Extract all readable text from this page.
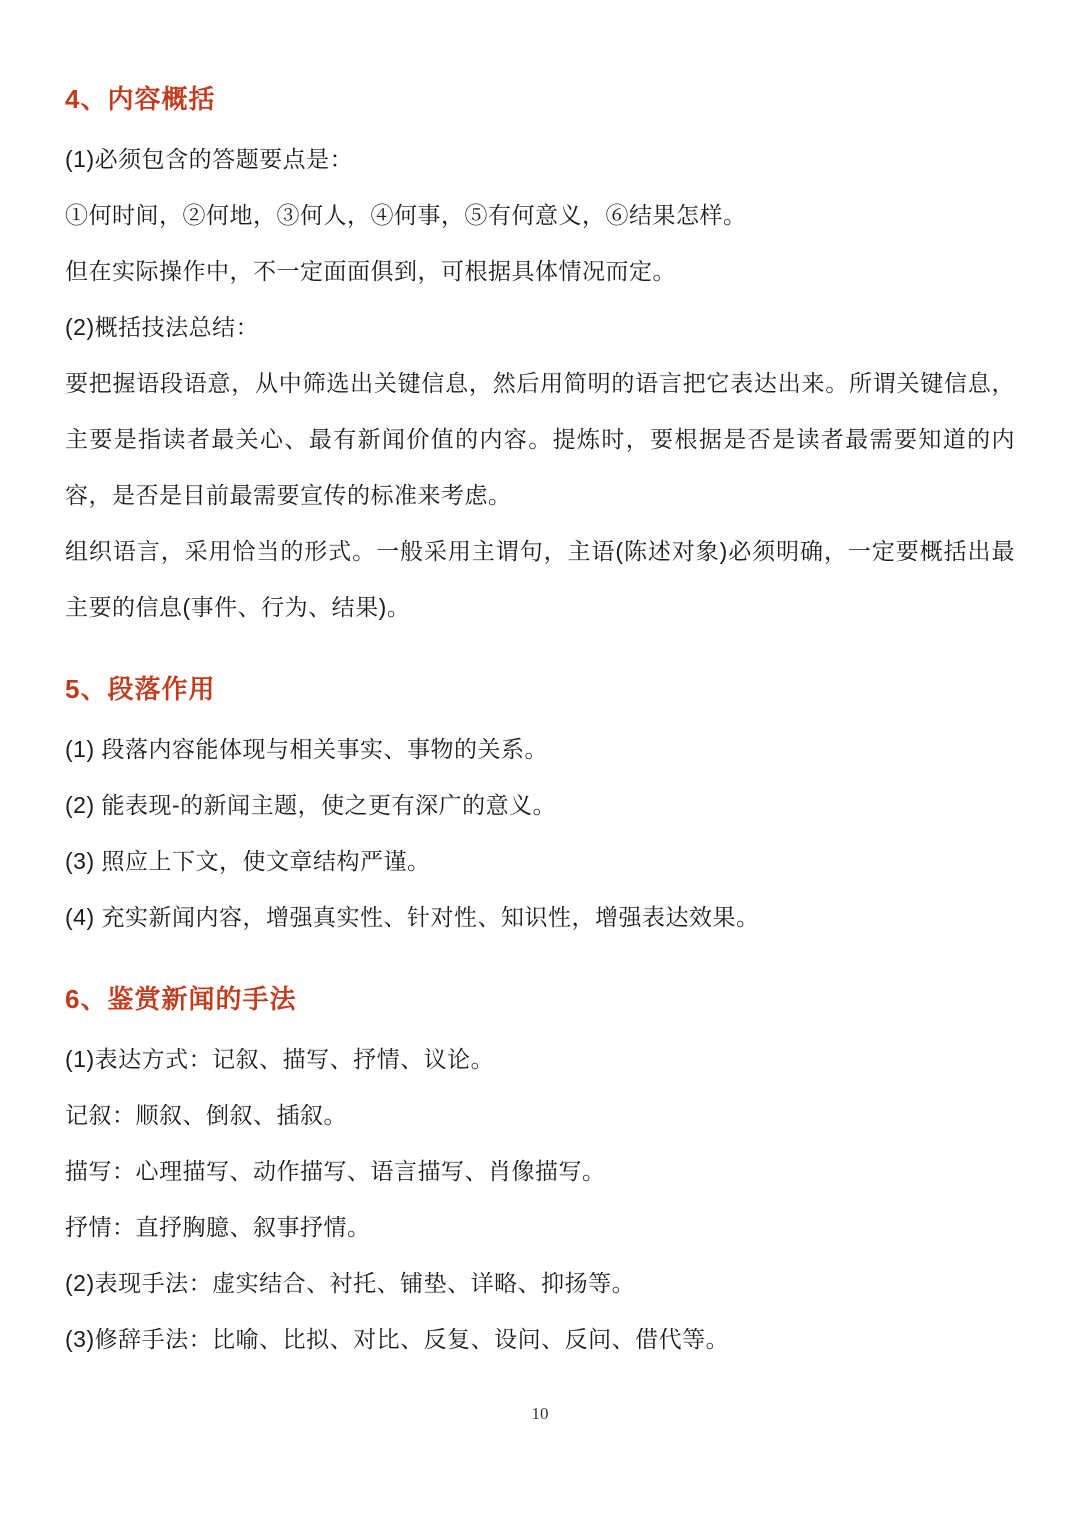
4、内容概括

(1)必须包含的答题要点是：

①何时间，②何地，③何人，④何事，⑤有何意义，⑥结果怎样。

但在实际操作中，不一定面面俱到，可根据具体情况而定。

(2)概括技法总结：

要把握语段语意，从中筛选出关键信息，然后用简明的语言把它表达出来。所谓关键信息，主要是指读者最关心、最有新闻价值的内容。提炼时，要根据是否是读者最需要知道的内容，是否是目前最需要宣传的标准来考虑。

组织语言，采用恰当的形式。一般采用主谓句，主语(陈述对象)必须明确，一定要概括出最主要的信息(事件、行为、结果)。

5、段落作用

(1) 段落内容能体现与相关事实、事物的关系。

(2) 能表现-的新闻主题，使之更有深广的意义。

(3) 照应上下文，使文章结构严谨。

(4) 充实新闻内容，增强真实性、针对性、知识性，增强表达效果。

6、鉴赏新闻的手法

(1)表达方式：记叙、描写、抒情、议论。

记叙：顺叙、倒叙、插叙。

描写：心理描写、动作描写、语言描写、肖像描写。

抒情：直抒胸臆、叙事抒情。

(2)表现手法：虚实结合、衬托、铺垫、详略、抑扬等。

(3)修辞手法：比喻、比拟、对比、反复、设问、反问、借代等。

10
